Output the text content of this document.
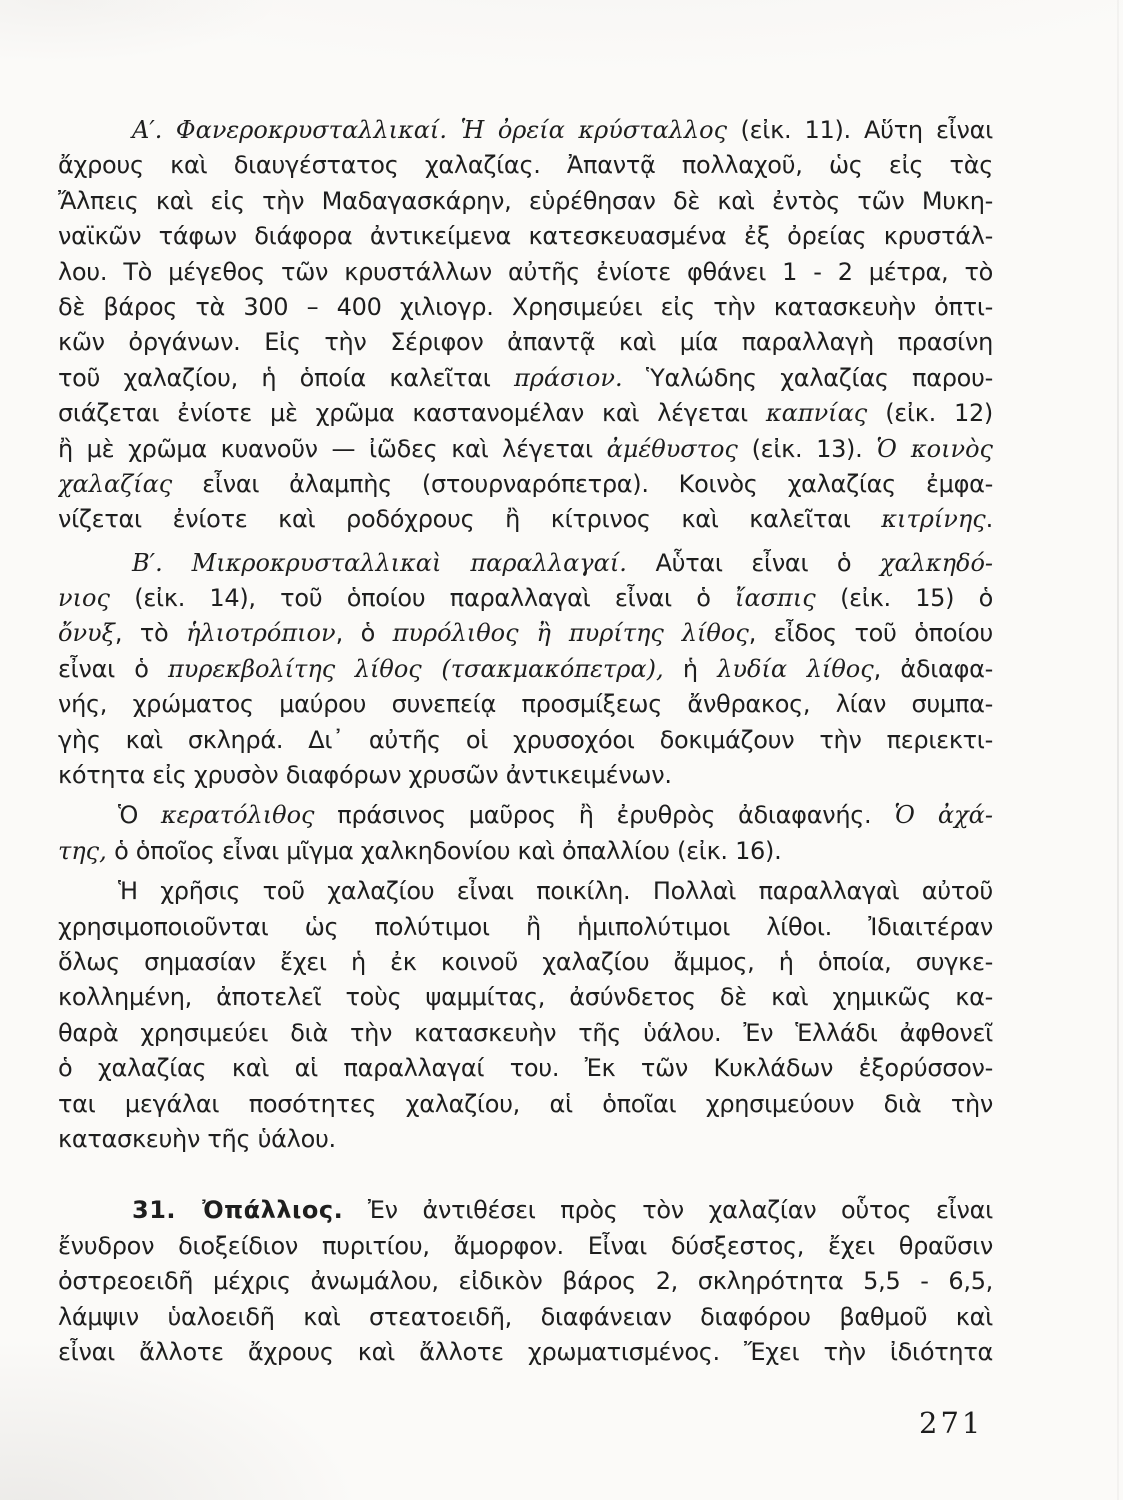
Α′. Φανεροκρυσταλλικαί. Ἡ ὀρεία κρύσταλλος (εἰκ. 11). Αὕτη εἶναι
ἄχρους καὶ διαυγέστατος χαλαζίας. Ἀπαντᾷ πολλαχοῦ, ὡς εἰς τὰς
Ἄλπεις καὶ εἰς τὴν Μαδαγασκάρην, εὑρέθησαν δὲ καὶ ἐντὸς τῶν Μυκη-
ναϊκῶν τάφων διάφορα ἀντικείμενα κατεσκευασμένα ἐξ ὀρείας κρυστάλ-
λου. Τὸ μέγεθος τῶν κρυστάλλων αὐτῆς ἐνίοτε φθάνει 1 - 2 μέτρα, τὸ
δὲ βάρος τὰ 300 – 400 χιλιογρ. Χρησιμεύει εἰς τὴν κατασκευὴν ὀπτι-
κῶν ὀργάνων. Εἰς τὴν Σέριφον ἀπαντᾷ καὶ μία παραλλαγὴ πρασίνη
τοῦ χαλαζίου, ἡ ὁποία καλεῖται πράσιον. Ὑαλώδης χαλαζίας παρου-
σιάζεται ἐνίοτε μὲ χρῶμα καστανομέλαν καὶ λέγεται καπνίας (εἰκ. 12)
ἢ μὲ χρῶμα κυανοῦν — ἰῶδες καὶ λέγεται ἀμέθυστος (εἰκ. 13). Ὁ κοινὸς
χαλαζίας εἶναι ἀλαμπὴς (στουρναρόπετρα). Κοινὸς χαλαζίας ἐμφα-
νίζεται ἐνίοτε καὶ ροδόχρους ἢ κίτρινος καὶ καλεῖται κιτρίνης.
Β′. Μικροκρυσταλλικαὶ παραλλαγαί. Αὗται εἶναι ὁ χαλκηδό-
νιος (εἰκ. 14), τοῦ ὁποίου παραλλαγαὶ εἶναι ὁ ἴασπις (εἰκ. 15) ὁ
ὄνυξ, τὸ ἡλιοτρόπιον, ὁ πυρόλιθος ἢ πυρίτης λίθος, εἶδος τοῦ ὁποίου
εἶναι ὁ πυρεκβολίτης λίθος (τσακμακόπετρα), ἡ λυδία λίθος, ἀδιαφα-
νής, χρώματος μαύρου συνεπείᾳ προσμίξεως ἄνθρακος, λίαν συμπα-
γὴς καὶ σκληρά. Δι᾽ αὐτῆς οἱ χρυσοχόοι δοκιμάζουν τὴν περιεκτι-
κότητα εἰς χρυσὸν διαφόρων χρυσῶν ἀντικειμένων.
Ὁ κερατόλιθος πράσινος μαῦρος ἢ ἐρυθρὸς ἀδιαφανής. Ὁ ἀχά-
της, ὁ ὁποῖος εἶναι μῖγμα χαλκηδονίου καὶ ὀπαλλίου (εἰκ. 16).
Ἡ χρῆσις τοῦ χαλαζίου εἶναι ποικίλη. Πολλαὶ παραλλαγαὶ αὐτοῦ
χρησιμοποιοῦνται ὡς πολύτιμοι ἢ ἡμιπολύτιμοι λίθοι. Ἰδιαιτέραν
ὅλως σημασίαν ἔχει ἡ ἐκ κοινοῦ χαλαζίου ἄμμος, ἡ ὁποία, συγκε-
κολλημένη, ἀποτελεῖ τοὺς ψαμμίτας, ἀσύνδετος δὲ καὶ χημικῶς κα-
θαρὰ χρησιμεύει διὰ τὴν κατασκευὴν τῆς ὑάλου. Ἐν Ἑλλάδι ἀφθονεῖ
ὁ χαλαζίας καὶ αἱ παραλλαγαί του. Ἐκ τῶν Κυκλάδων ἐξορύσσον-
ται μεγάλαι ποσότητες χαλαζίου, αἱ ὁποῖαι χρησιμεύουν διὰ τὴν
κατασκευὴν τῆς ὑάλου.
31. Ὀπάλλιος. Ἐν ἀντιθέσει πρὸς τὸν χαλαζίαν οὗτος εἶναι
ἔνυδρον διοξείδιον πυριτίου, ἄμορφον. Εἶναι δύσξεστος, ἔχει θραῦσιν
ὀστρεοειδῆ μέχρις ἀνωμάλου, εἰδικὸν βάρος 2, σκληρότητα 5,5 - 6,5,
λάμψιν ὑαλοειδῆ καὶ στεατοειδῆ, διαφάνειαν διαφόρου βαθμοῦ καὶ
εἶναι ἄλλοτε ἄχρους καὶ ἄλλοτε χρωματισμένος. Ἔχει τὴν ἰδιότητα
271
